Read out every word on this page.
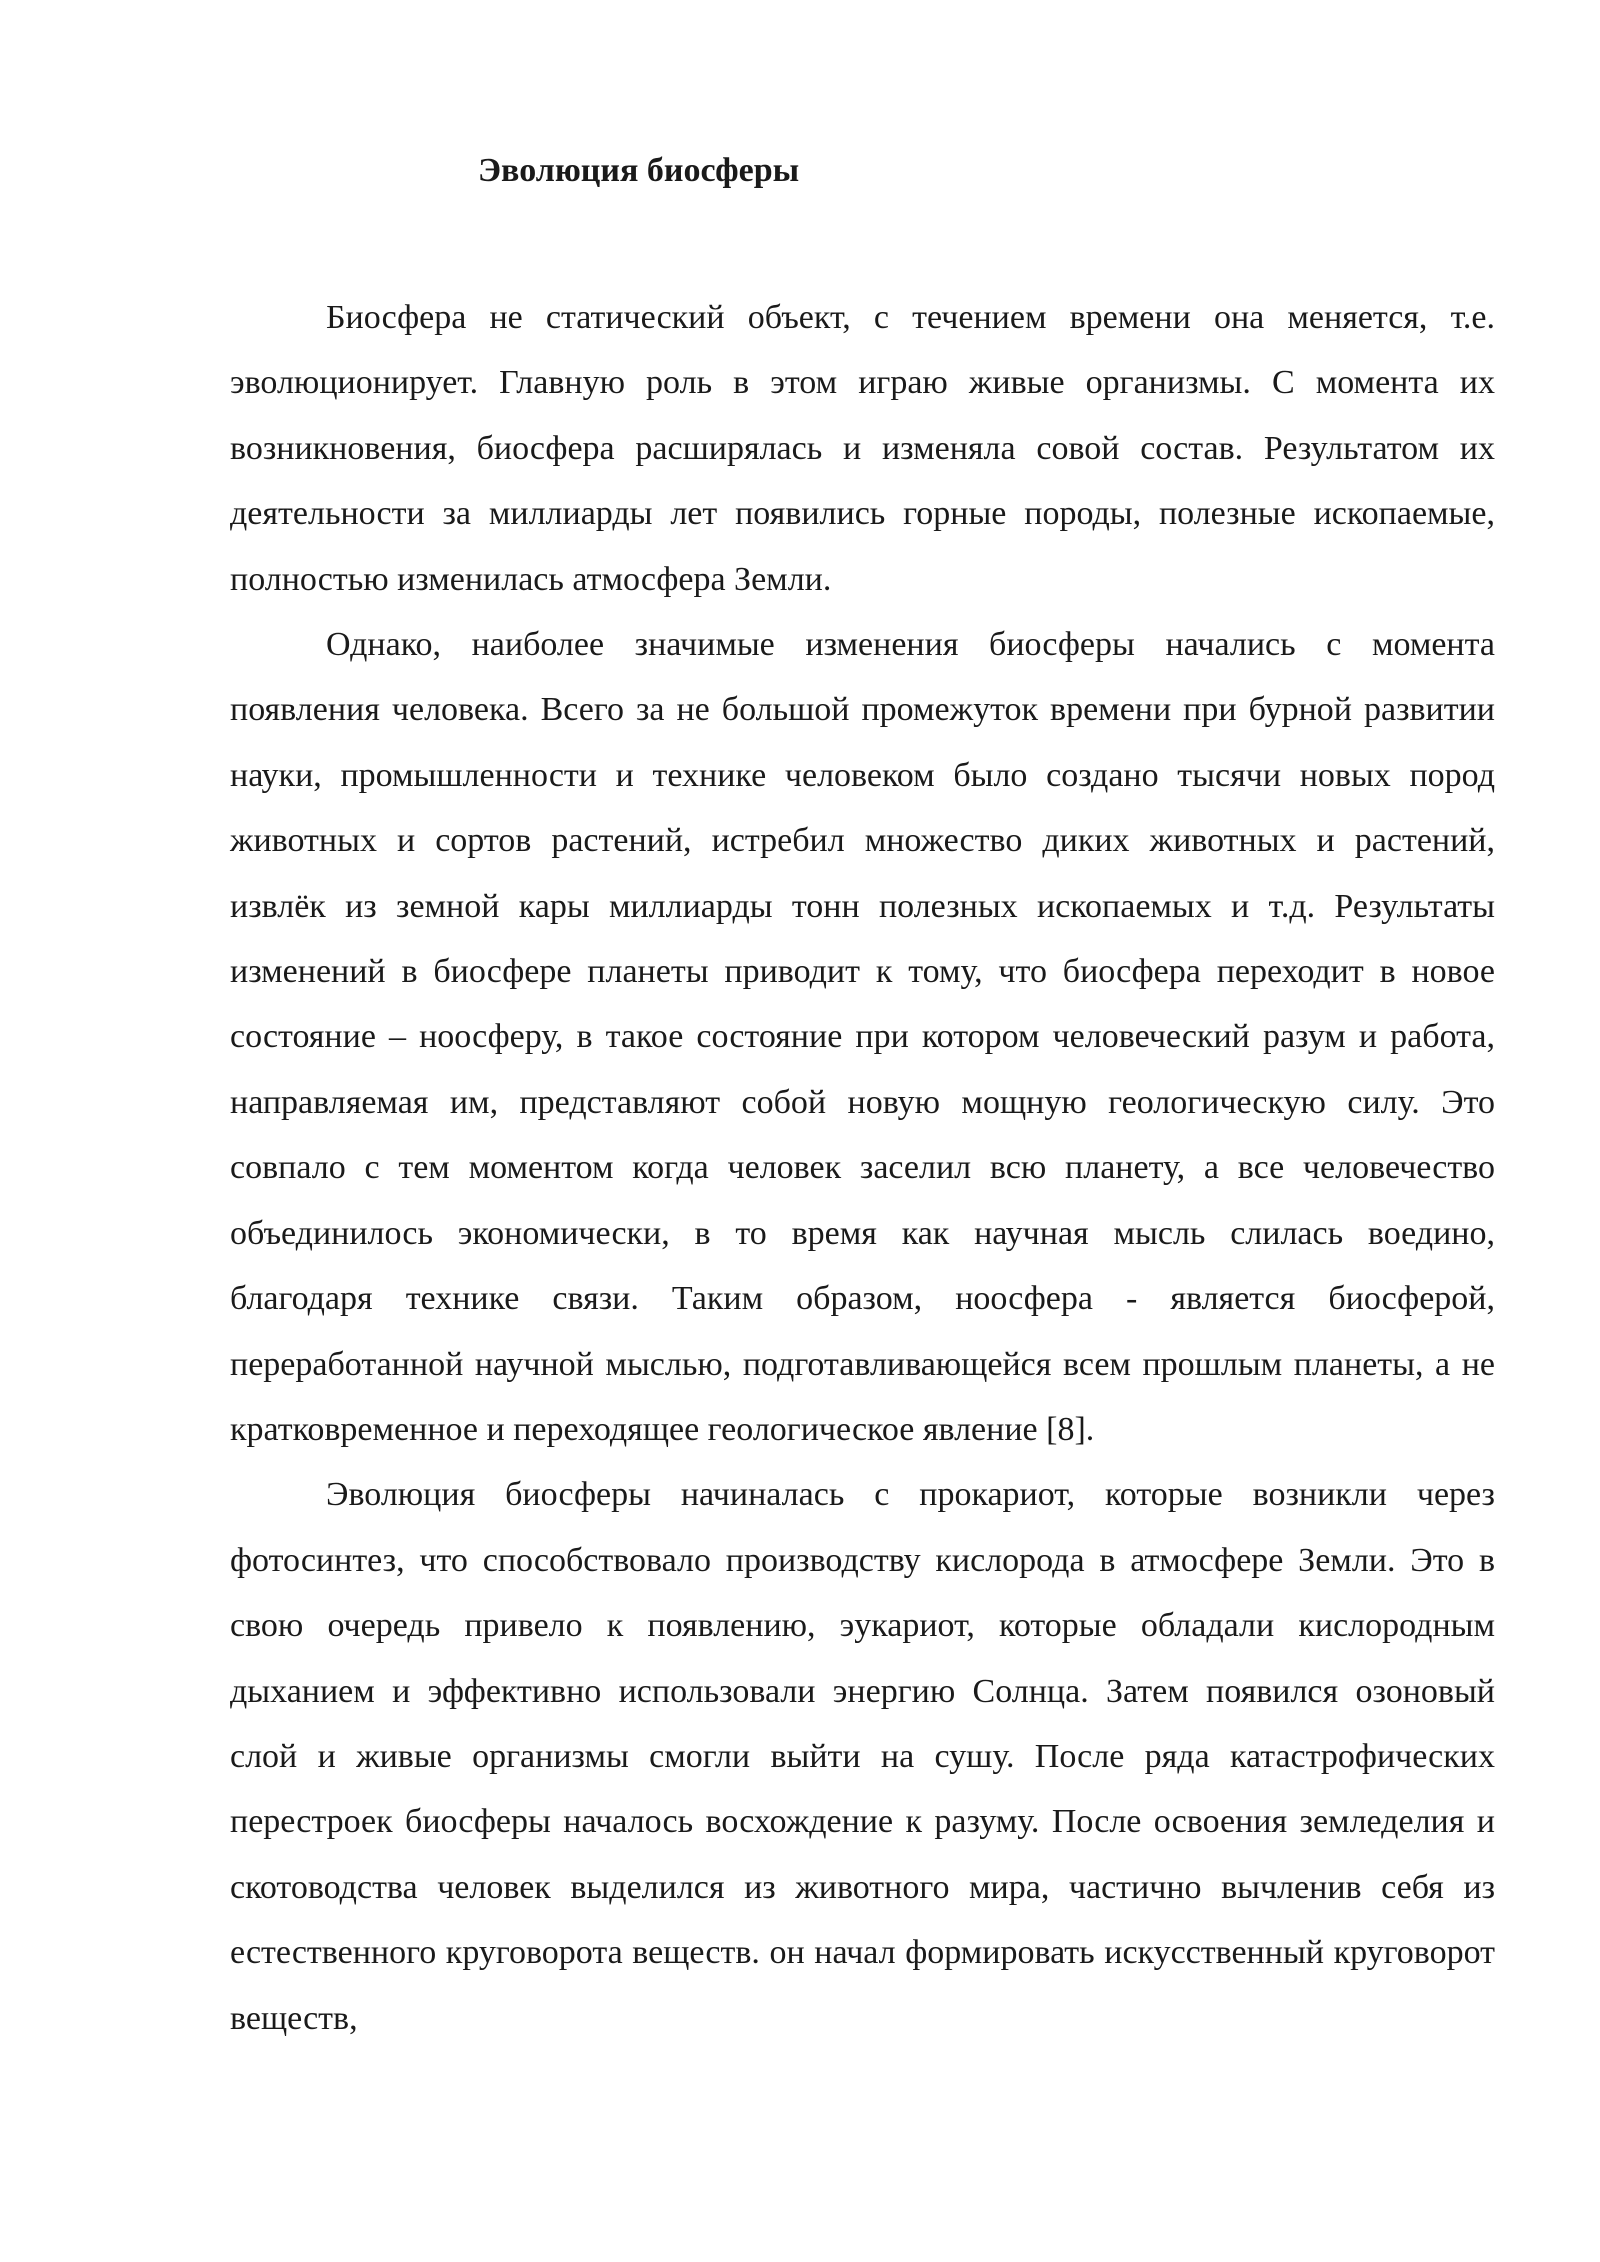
Эволюция биосферы

Биосфера не статический объект, с течением времени она меняется, т.е. эволюционирует. Главную роль в этом играю живые организмы. С момента их возникновения, биосфера расширялась и изменяла совой состав. Результатом их деятельности за миллиарды лет появились горные породы, полезные ископаемые, полностью изменилась атмосфера Земли.

Однако, наиболее значимые изменения биосферы начались с момента появления человека. Всего за не большой промежуток времени при бурной развитии науки, промышленности и технике человеком было создано тысячи новых пород животных и сортов растений, истребил множество диких животных и растений, извлёк из земной кары миллиарды тонн полезных ископаемых и т.д. Результаты изменений в биосфере планеты приводит к тому, что биосфера переходит в новое состояние – ноосферу, в такое состояние при котором человеческий разум и работа, направляемая им, представляют собой новую мощную геологическую силу. Это совпало с тем моментом когда человек заселил всю планету, а все человечество объединилось экономически, в то время как научная мысль слилась воедино, благодаря технике связи. Таким образом, ноосфера - является биосферой, переработанной научной мыслью, подготавливающейся всем прошлым планеты, а не кратковременное и переходящее геологическое явление [8].

Эволюция биосферы начиналась с прокариот, которые возникли через фотосинтез, что способствовало производству кислорода в атмосфере Земли. Это в свою очередь привело к появлению, эукариот, которые обладали кислородным дыханием и эффективно использовали энергию Солнца. Затем появился озоновый слой и живые организмы смогли выйти на сушу. После ряда катастрофических перестроек биосферы началось восхождение к разуму. После освоения земледелия и скотоводства человек выделился из животного мира, частично вычленив себя из естественного круговорота веществ. он начал формировать искусственный круговорот веществ,
